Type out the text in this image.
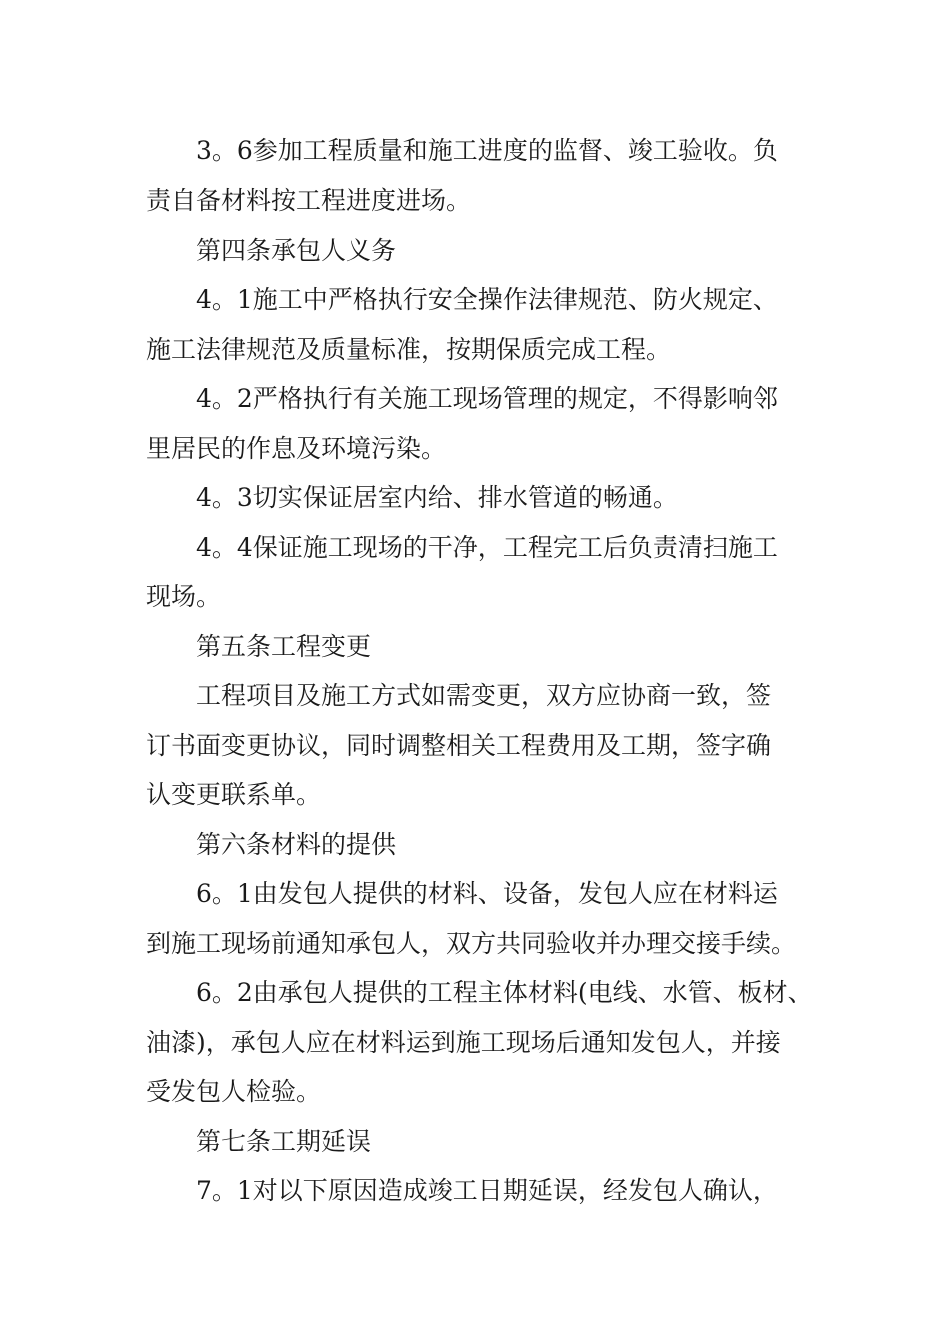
3。6参加工程质量和施工进度的监督、竣工验收。负
责自备材料按工程进度进场。
第四条承包人义务
4。1施工中严格执行安全操作法律规范、防火规定、
施工法律规范及质量标准，按期保质完成工程。
4。2严格执行有关施工现场管理的规定，不得影响邻
里居民的作息及环境污染。
4。3切实保证居室内给、排水管道的畅通。
4。4保证施工现场的干净，工程完工后负责清扫施工
现场。
第五条工程变更
工程项目及施工方式如需变更，双方应协商一致，签
订书面变更协议，同时调整相关工程费用及工期，签字确
认变更联系单。
第六条材料的提供
6。1由发包人提供的材料、设备，发包人应在材料运
到施工现场前通知承包人，双方共同验收并办理交接手续。
6。2由承包人提供的工程主体材料(电线、水管、板材、
油漆)，承包人应在材料运到施工现场后通知发包人，并接
受发包人检验。
第七条工期延误
7。1对以下原因造成竣工日期延误，经发包人确认，
